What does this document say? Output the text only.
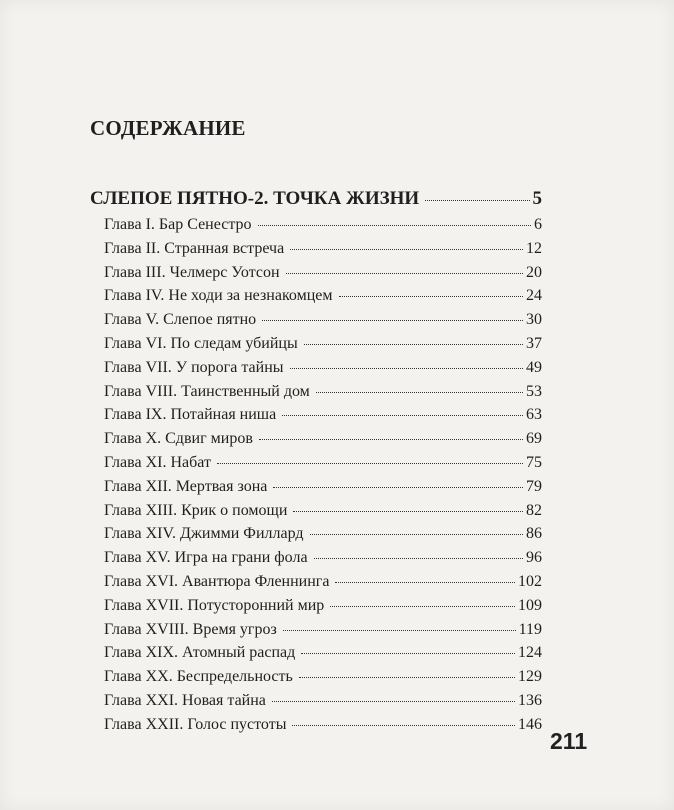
СОДЕРЖАНИЕ
СЛЕПОЕ ПЯТНО-2. ТОЧКА ЖИЗНИ	5
Глава I. Бар Сенестро	6
Глава II. Странная встреча	12
Глава III. Челмерс Уотсон	20
Глава IV. Не ходи за незнакомцем	24
Глава V. Слепое пятно	30
Глава VI. По следам убийцы	37
Глава VII. У порога тайны	49
Глава VIII. Таинственный дом	53
Глава IX. Потайная ниша	63
Глава X. Сдвиг миров	69
Глава XI. Набат	75
Глава XII. Мертвая зона	79
Глава XIII. Крик о помощи	82
Глава XIV. Джимми Филлард	86
Глава XV. Игра на грани фола	96
Глава XVI. Авантюра Фленнинга	102
Глава XVII. Потусторонний мир	109
Глава XVIII. Время угроз	119
Глава XIX. Атомный распад	124
Глава XX. Беспредельность	129
Глава XXI. Новая тайна	136
Глава XXII. Голос пустоты	146
211
